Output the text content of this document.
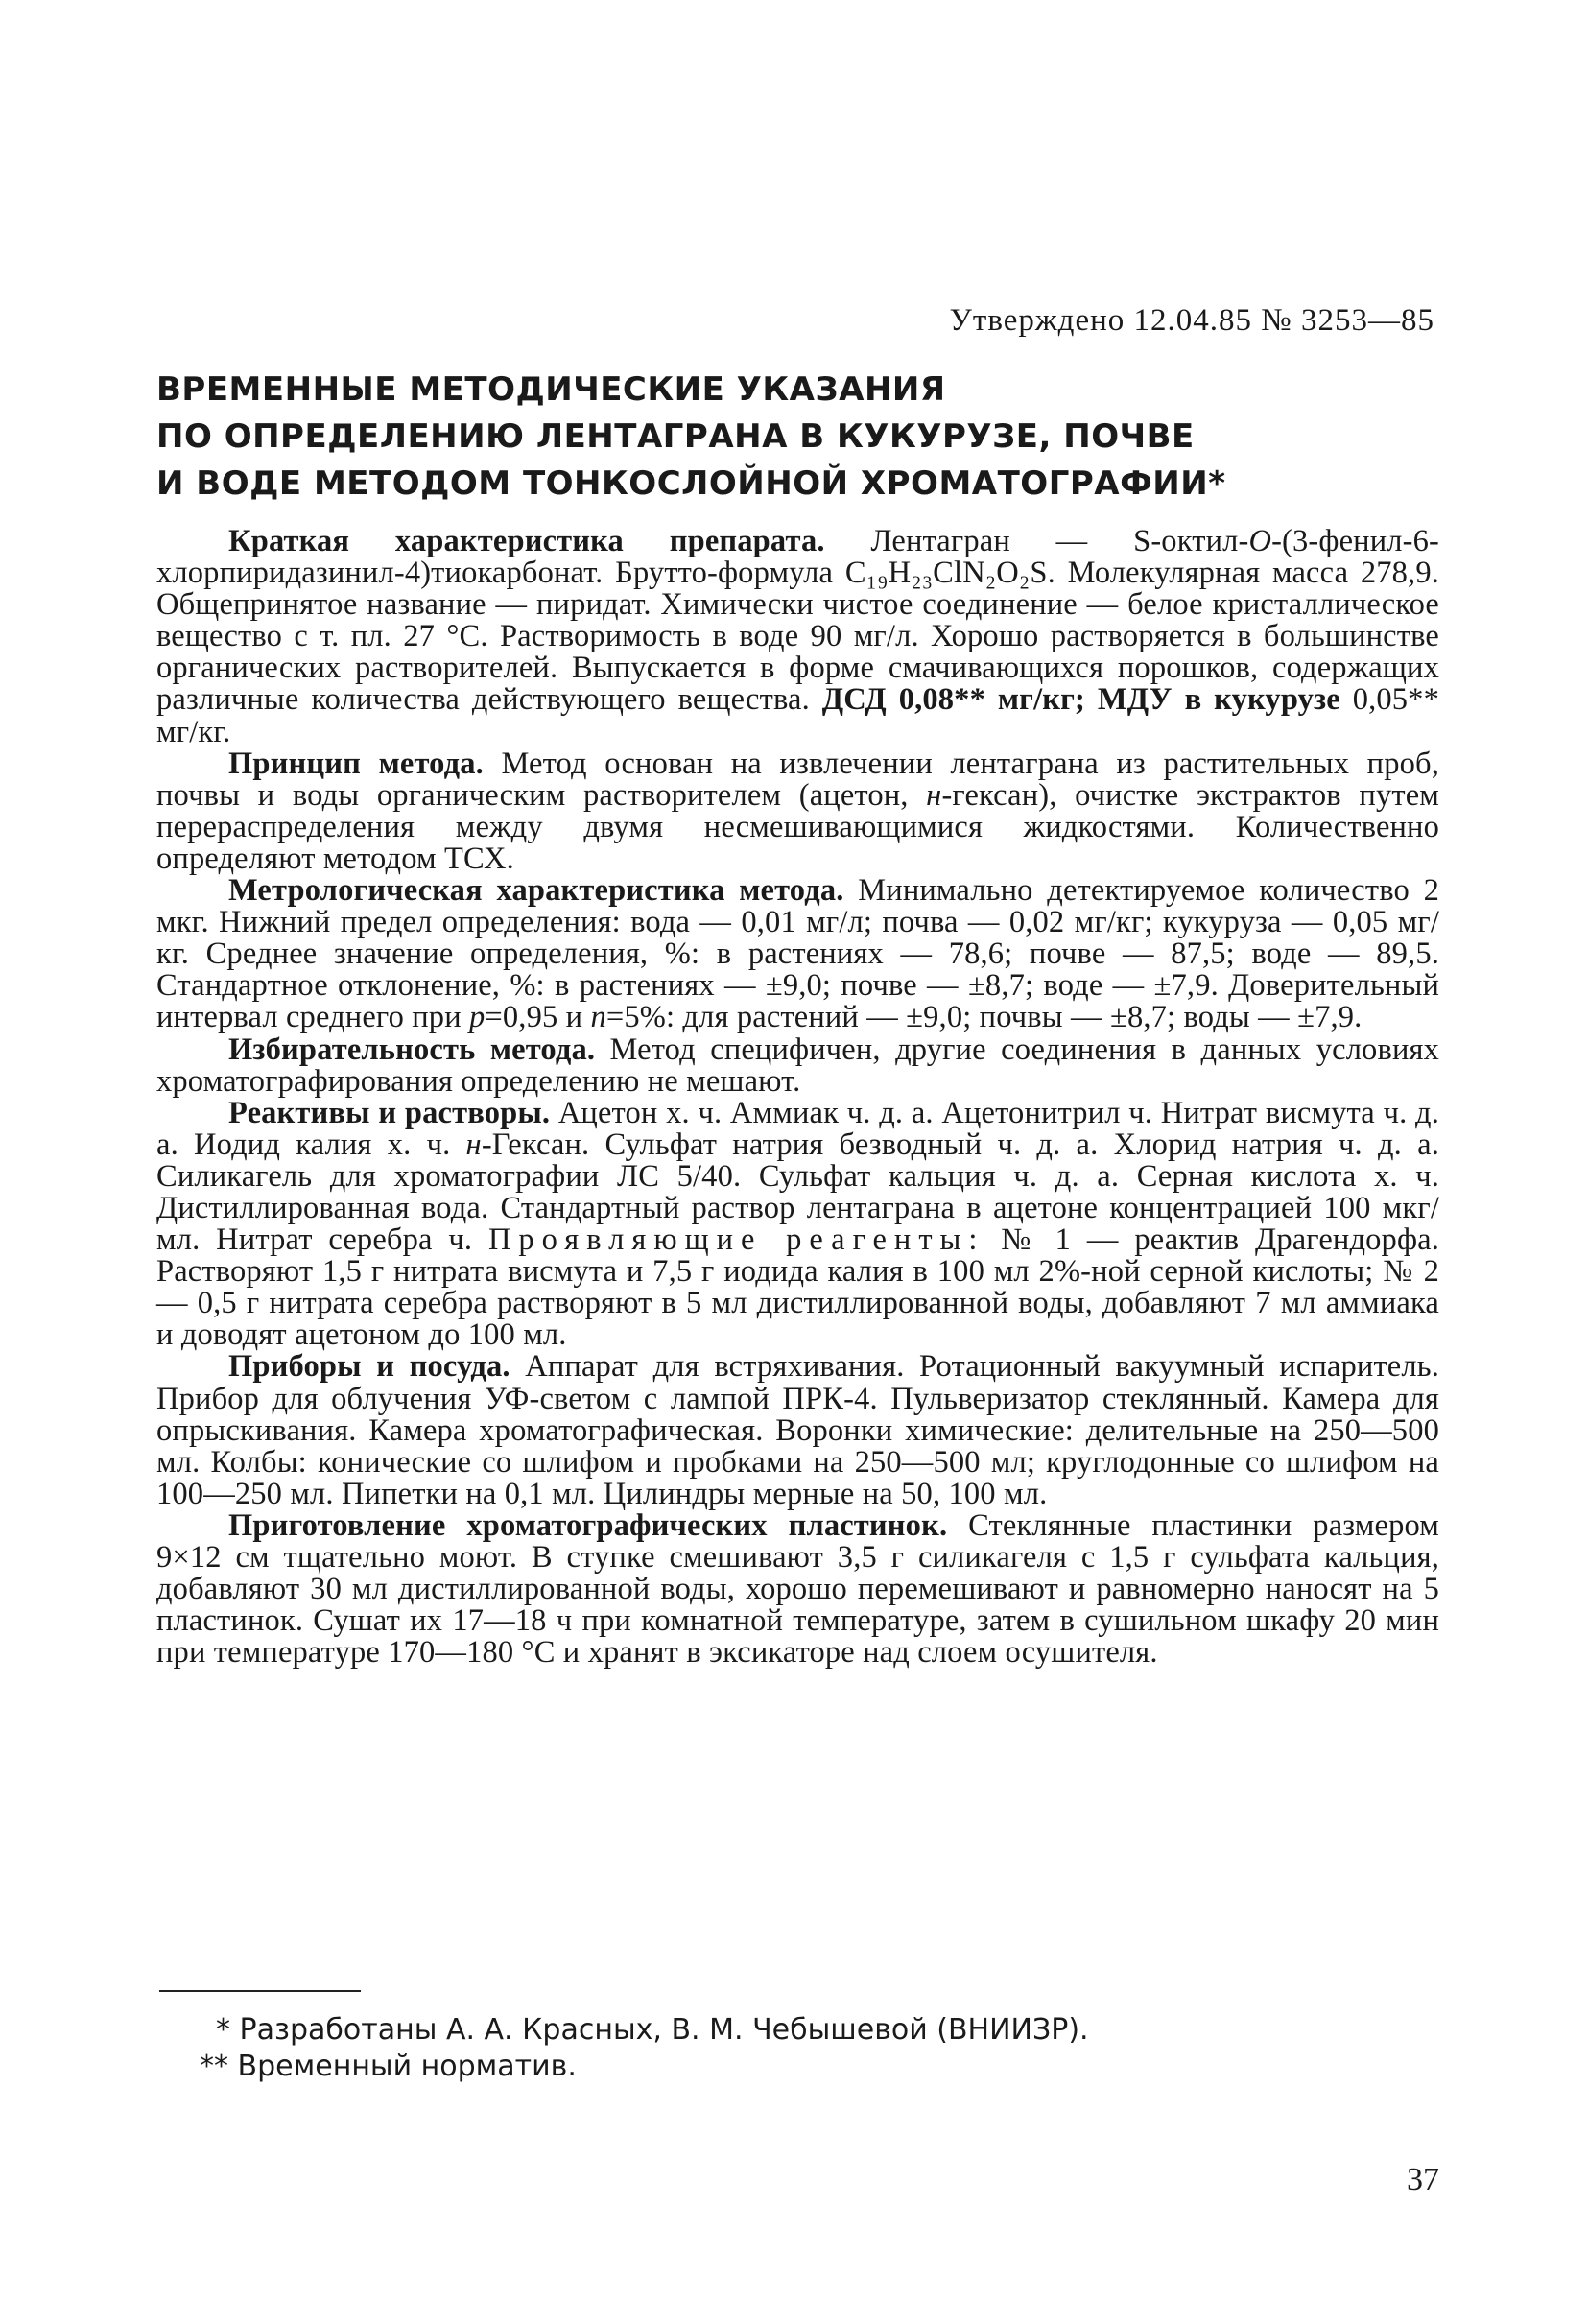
Утверждено 12.04.85 № 3253—85
ВРЕМЕННЫЕ МЕТОДИЧЕСКИЕ УКАЗАНИЯ
ПО ОПРЕДЕЛЕНИЮ ЛЕНТАГРАНА В КУКУРУЗЕ, ПОЧВЕ
И ВОДЕ МЕТОДОМ ТОНКОСЛОЙНОЙ ХРОМАТОГРАФИИ*

Краткая характеристика препарата. Лентагран — S-октил-O-(3-фенил-6-хлорпиридазинил-4)тиокарбонат. Брутто-формула C₁₉H₂₃ClN₂O₂S. Молекулярная масса 278,9. Общепринятое название — пиридат. Химически чистое соединение — белое кристаллическое вещество с т. пл. 27 °С. Растворимость в воде 90 мг/л. Хорошо растворяется в большинстве органических растворителей. Выпускается в форме смачивающихся порошков, содержащих различные количества действующего вещества. ДСД 0,08** мг/кг; МДУ в кукурузе 0,05** мг/кг.

Принцип метода. Метод основан на извлечении лентаграна из растительных проб, почвы и воды органическим растворителем (ацетон, н-гексан), очистке экстрактов путем перераспределения между двумя несмешивающимися жидкостями. Количественно определяют методом ТСХ.

Метрологическая характеристика метода. Минимально детектируемое количество 2 мкг. Нижний предел определения: вода — 0,01 мг/л; почва — 0,02 мг/кг; кукуруза — 0,05 мг/кг. Среднее значение определения, %: в растениях — 78,6; почве — 87,5; воде — 89,5. Стандартное отклонение, %: в растениях — ±9,0; почве — ±8,7; воде — ±7,9. Доверительный интервал среднего при p=0,95 и n=5%: для растений — ±9,0; почвы — ±8,7; воды — ±7,9.

Избирательность метода. Метод специфичен, другие соединения в данных условиях хроматографирования определению не мешают.

Реактивы и растворы. Ацетон х. ч. Аммиак ч. д. а. Ацетонитрил ч. Нитрат висмута ч. д. а. Иодид калия х. ч. н-Гексан. Сульфат натрия безводный ч. д. а. Хлорид натрия ч. д. а. Силикагель для хроматографии ЛС 5/40. Сульфат кальция ч. д. а. Серная кислота х. ч. Дистиллированная вода. Стандартный раствор лентаграна в ацетоне концентрацией 100 мкг/мл. Нитрат серебра ч. Проявляющие реагенты: № 1 — реактив Драгендорфа. Растворяют 1,5 г нитрата висмута и 7,5 г иодида калия в 100 мл 2%-ной серной кислоты; № 2 — 0,5 г нитрата серебра растворяют в 5 мл дистиллированной воды, добавляют 7 мл аммиака и доводят ацетоном до 100 мл.

Приборы и посуда. Аппарат для встряхивания. Ротационный вакуумный испаритель. Прибор для облучения УФ-светом с лампой ПРК-4. Пульверизатор стеклянный. Камера для опрыскивания. Камера хроматографическая. Воронки химические: делительные на 250—500 мл. Колбы: конические со шлифом и пробками на 250—500 мл; круглодонные со шлифом на 100—250 мл. Пипетки на 0,1 мл. Цилиндры мерные на 50, 100 мл.

Приготовление хроматографических пластинок. Стеклянные пластинки размером 9×12 см тщательно моют. В ступке смешивают 3,5 г силикагеля с 1,5 г сульфата кальция, добавляют 30 мл дистиллированной воды, хорошо перемешивают и равномерно наносят на 5 пластинок. Сушат их 17—18 ч при комнатной температуре, затем в сушильном шкафу 20 мин при температуре 170—180 °С и хранят в эксикаторе над слоем осушителя.

* Разработаны А. А. Красных, В. М. Чебышевой (ВНИИЗР).
** Временный норматив.
37
